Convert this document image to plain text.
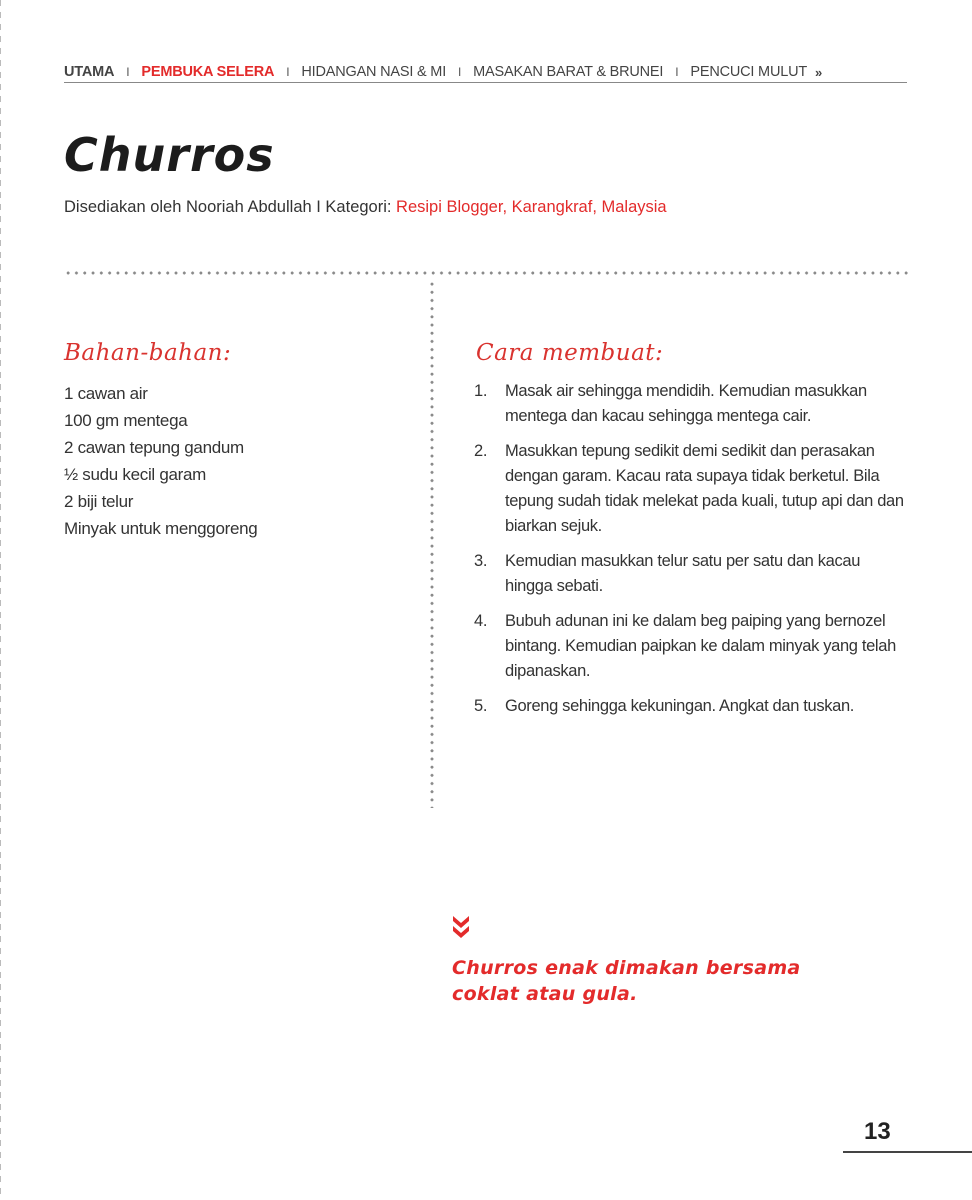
UTAMA I PEMBUKA SELERA I HIDANGAN NASI & MI I MASAKAN BARAT & BRUNEI I PENCUCI MULUT »
Churros
Disediakan oleh Nooriah Abdullah I Kategori: Resipi Blogger, Karangkraf, Malaysia
Bahan-bahan:
1 cawan air
100 gm mentega
2 cawan tepung gandum
½ sudu kecil garam
2 biji telur
Minyak untuk menggoreng
Cara membuat:
1.	Masak air sehingga mendidih. Kemudian masukkan mentega dan kacau sehingga mentega cair.
2.	Masukkan tepung sedikit demi sedikit dan perasakan dengan garam. Kacau rata supaya tidak berketul. Bila tepung sudah tidak melekat pada kuali, tutup api dan dan biarkan sejuk.
3.	Kemudian masukkan telur satu per satu dan kacau hingga sebati.
4.	Bubuh adunan ini ke dalam beg paiping yang bernozel bintang. Kemudian paipkan ke dalam minyak yang telah dipanaskan.
5.	Goreng sehingga kekuningan. Angkat dan tuskan.
Churros enak dimakan bersama coklat atau gula.
13
